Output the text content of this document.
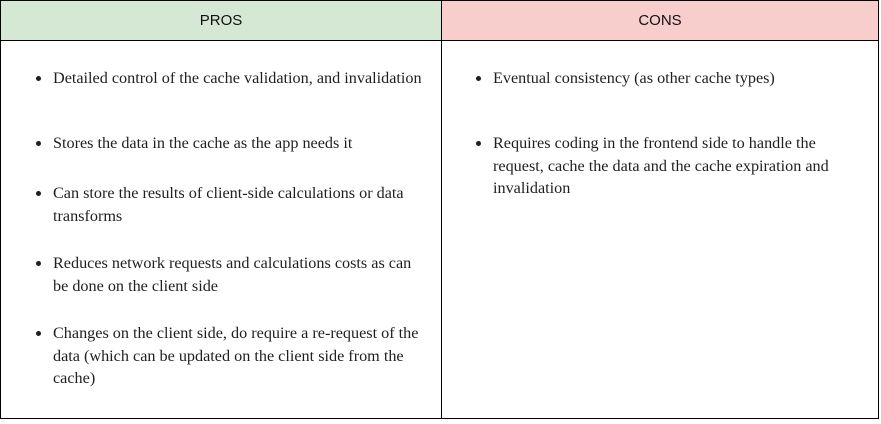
PROS	CONS
Detailed control of the cache validation, and invalidation
Stores the data in the cache as the app needs it
Can store the results of client-side calculations or data transforms
Reduces network requests and calculations costs as can be done on the client side
Changes on the client side, do require a re-request of the data (which can be updated on the client side from the cache)
Eventual consistency (as other cache types)
Requires coding in the frontend side to handle the request, cache the data and the cache expiration and invalidation
